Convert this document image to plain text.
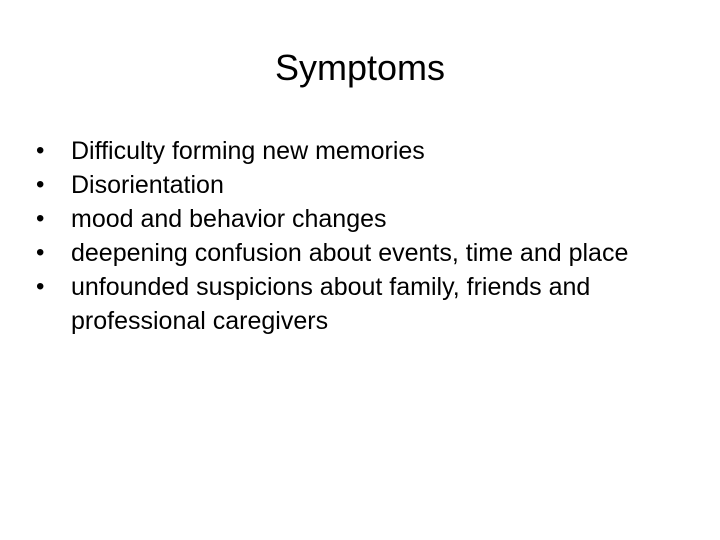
Symptoms
•	Difficulty forming new memories
•	Disorientation
•	mood and behavior changes
•	deepening confusion about events, time and place
•	unfounded suspicions about family, friends and professional caregivers
